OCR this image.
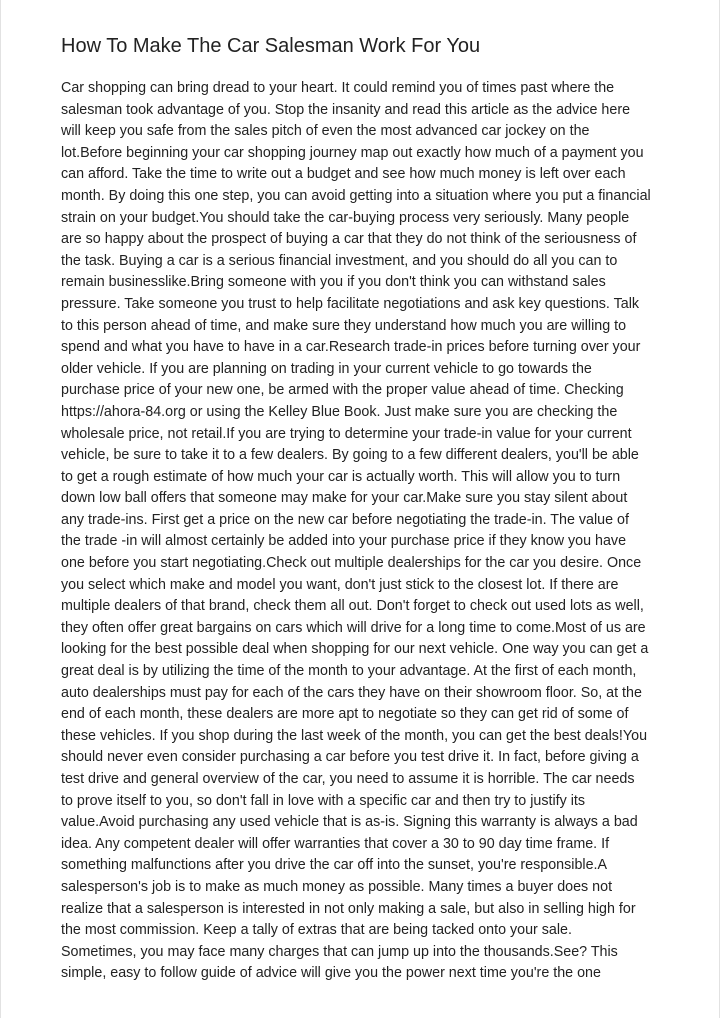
How To Make The Car Salesman Work For You
Car shopping can bring dread to your heart. It could remind you of times past where the
salesman took advantage of you. Stop the insanity and read this article as the advice here
will keep you safe from the sales pitch of even the most advanced car jockey on the
lot.Before beginning your car shopping journey map out exactly how much of a payment you
can afford. Take the time to write out a budget and see how much money is left over each
month. By doing this one step, you can avoid getting into a situation where you put a financial
strain on your budget.You should take the car-buying process very seriously. Many people
are so happy about the prospect of buying a car that they do not think of the seriousness of
the task. Buying a car is a serious financial investment, and you should do all you can to
remain businesslike.Bring someone with you if you don't think you can withstand sales
pressure. Take someone you trust to help facilitate negotiations and ask key questions. Talk
to this person ahead of time, and make sure they understand how much you are willing to
spend and what you have to have in a car.Research trade-in prices before turning over your
older vehicle. If you are planning on trading in your current vehicle to go towards the
purchase price of your new one, be armed with the proper value ahead of time. Checking
https://ahora-84.org or using the Kelley Blue Book. Just make sure you are checking the
wholesale price, not retail.If you are trying to determine your trade-in value for your current
vehicle, be sure to take it to a few dealers. By going to a few different dealers, you'll be able
to get a rough estimate of how much your car is actually worth. This will allow you to turn
down low ball offers that someone may make for your car.Make sure you stay silent about
any trade-ins. First get a price on the new car before negotiating the trade-in. The value of
the trade -in will almost certainly be added into your purchase price if they know you have
one before you start negotiating.Check out multiple dealerships for the car you desire. Once
you select which make and model you want, don't just stick to the closest lot. If there are
multiple dealers of that brand, check them all out. Don't forget to check out used lots as well,
they often offer great bargains on cars which will drive for a long time to come.Most of us are
looking for the best possible deal when shopping for our next vehicle. One way you can get a
great deal is by utilizing the time of the month to your advantage. At the first of each month,
auto dealerships must pay for each of the cars they have on their showroom floor. So, at the
end of each month, these dealers are more apt to negotiate so they can get rid of some of
these vehicles. If you shop during the last week of the month, you can get the best deals!You
should never even consider purchasing a car before you test drive it. In fact, before giving a
test drive and general overview of the car, you need to assume it is horrible. The car needs
to prove itself to you, so don't fall in love with a specific car and then try to justify its
value.Avoid purchasing any used vehicle that is as-is. Signing this warranty is always a bad
idea. Any competent dealer will offer warranties that cover a 30 to 90 day time frame. If
something malfunctions after you drive the car off into the sunset, you're responsible.A
salesperson's job is to make as much money as possible. Many times a buyer does not
realize that a salesperson is interested in not only making a sale, but also in selling high for
the most commission. Keep a tally of extras that are being tacked onto your sale.
Sometimes, you may face many charges that can jump up into the thousands.See? This
simple, easy to follow guide of advice will give you the power next time you're the one
